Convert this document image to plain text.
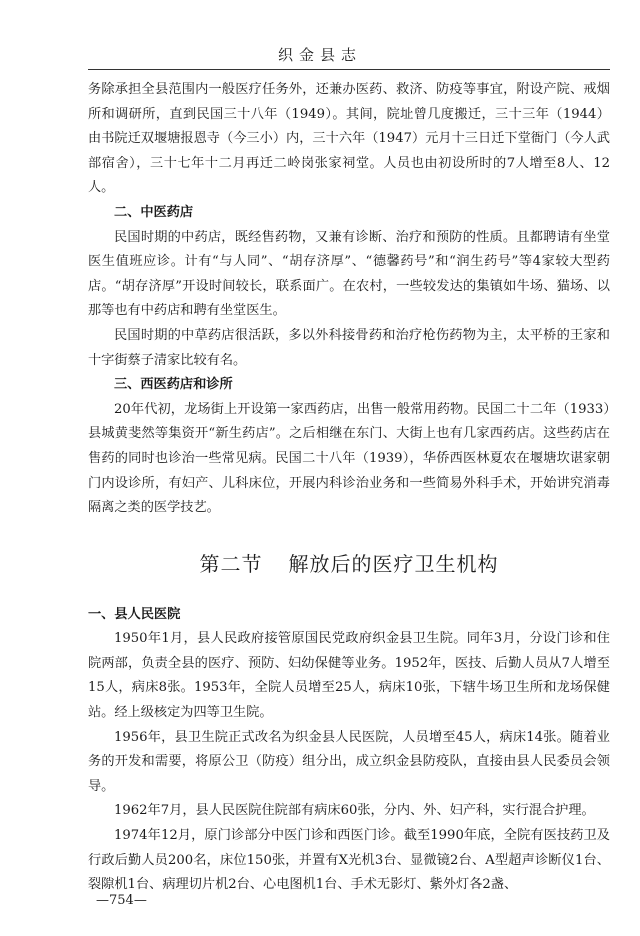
织金县志

务除承担全县范围内一般医疗任务外，还兼办医药、救济、防疫等事宜，附设产院、戒烟所和调研所，直到民国三十八年（1949）。其间，院址曾几度搬迁，三十三年（1944）由书院迁双堰塘报恩寺（今三小）内，三十六年（1947）元月十三日迁下堂衙门（今人武部宿舍），三十七年十二月再迁二岭岗张家祠堂。人员也由初设所时的7人增至8人、12人。

二、中医药店

民国时期的中药店，既经售药物，又兼有诊断、治疗和预防的性质。且都聘请有坐堂医生值班应诊。计有“与人同”、“胡存济厚”、“德馨药号”和“润生药号”等4家较大型药店。“胡存济厚”开设时间较长，联系面广。在农村，一些较发达的集镇如牛场、猫场、以那等也有中药店和聘有坐堂医生。

民国时期的中草药店很活跃，多以外科接骨药和治疗枪伤药物为主，太平桥的王家和十字街蔡子清家比较有名。

三、西医药店和诊所

20年代初，龙场街上开设第一家西药店，出售一般常用药物。民国二十二年（1933）县城黄斐然等集资开“新生药店”。之后相继在东门、大街上也有几家西药店。这些药店在售药的同时也诊治一些常见病。民国二十八年（1939），华侨西医林夏农在堰塘坎谌家朝门内设诊所，有妇产、儿科床位，开展内科诊治业务和一些简易外科手术，开始讲究消毒隔离之类的医学技艺。

第二节 解放后的医疗卫生机构

一、县人民医院

1950年1月，县人民政府接管原国民党政府织金县卫生院。同年3月，分设门诊和住院两部，负责全县的医疗、预防、妇幼保健等业务。1952年，医技、后勤人员从7人增至15人，病床8张。1953年，全院人员增至25人，病床10张，下辖牛场卫生所和龙场保健站。经上级核定为四等卫生院。

1956年，县卫生院正式改名为织金县人民医院，人员增至45人，病床14张。随着业务的开发和需要，将原公卫（防疫）组分出，成立织金县防疫队，直接由县人民委员会领导。

1962年7月，县人民医院住院部有病床60张，分内、外、妇产科，实行混合护理。

1974年12月，原门诊部分中医门诊和西医门诊。截至1990年底，全院有医技药卫及行政后勤人员200名，床位150张，并置有X光机3台、显微镜2台、A型超声诊断仪1台、裂隙机1台、病理切片机2台、心电图机1台、手术无影灯、紫外灯各2盏、

—754—
